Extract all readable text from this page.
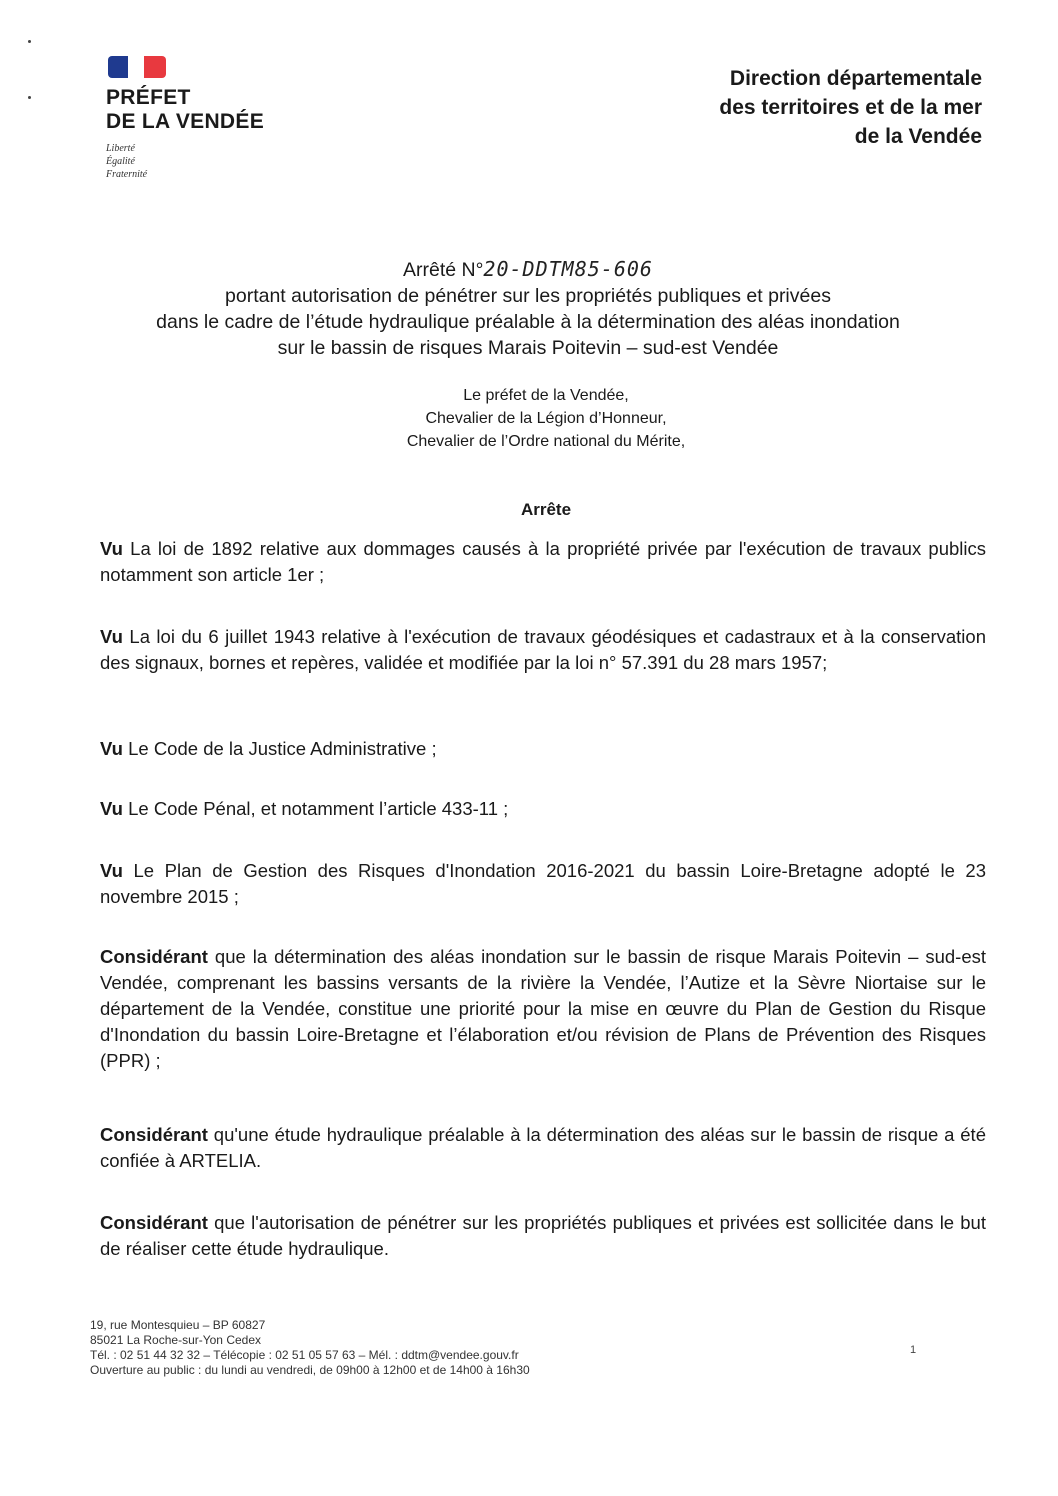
PRÉFET
DE LA VENDÉE
Liberté
Égalité
Fraternité
Direction départementale
des territoires et de la mer
de la Vendée
Arrêté N°20-DDTM85-606
portant autorisation de pénétrer sur les propriétés publiques et privées
dans le cadre de l’étude hydraulique préalable à la détermination des aléas inondation
sur le bassin de risques Marais Poitevin – sud-est Vendée
Le préfet de la Vendée,
Chevalier de la Légion d’Honneur,
Chevalier de l’Ordre national du Mérite,
Arrête

Vu La loi de 1892 relative aux dommages causés à la propriété privée par l'exécution de travaux publics notamment son article 1er ;

Vu La loi du 6 juillet 1943 relative à l'exécution de travaux géodésiques et cadastraux et à la conservation des signaux, bornes et repères, validée et modifiée par la loi n° 57.391 du 28 mars 1957;

Vu Le Code de la Justice Administrative ;

Vu Le Code Pénal, et notamment l’article 433-11 ;

Vu Le Plan de Gestion des Risques d'Inondation 2016-2021 du bassin Loire-Bretagne adopté le 23 novembre 2015 ;

Considérant que la détermination des aléas inondation sur le bassin de risque Marais Poitevin – sud-est Vendée, comprenant les bassins versants de la rivière la Vendée, l’Autize et la Sèvre Niortaise sur le département de la Vendée, constitue une priorité pour la mise en œuvre du Plan de Gestion du Risque d'Inondation du bassin Loire-Bretagne et l’élaboration et/ou révision de Plans de Prévention des Risques (PPR) ;

Considérant qu'une étude hydraulique préalable à la détermination des aléas sur le bassin de risque a été confiée à ARTELIA.

Considérant que l'autorisation de pénétrer sur les propriétés publiques et privées est sollicitée dans le but de réaliser cette étude hydraulique.

19, rue Montesquieu – BP 60827
85021 La Roche-sur-Yon Cedex
Tél. : 02 51 44 32 32 – Télécopie : 02 51 05 57 63 – Mél. : ddtm@vendee.gouv.fr
Ouverture au public : du lundi au vendredi, de 09h00 à 12h00 et de 14h00 à 16h30
1
